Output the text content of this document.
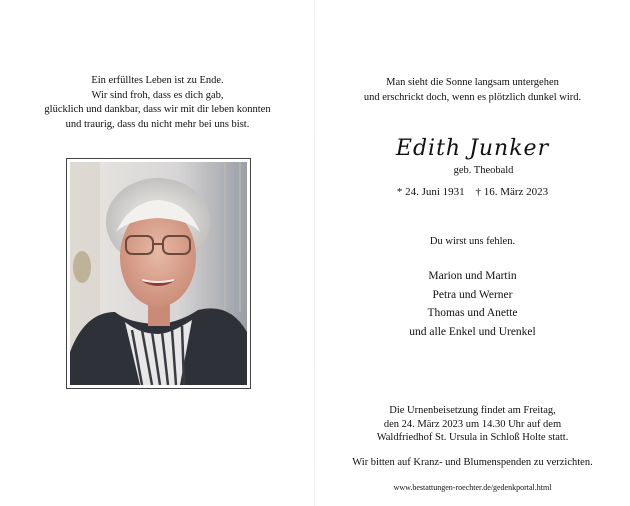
Ein erfülltes Leben ist zu Ende.
Wir sind froh, dass es dich gab,
glücklich und dankbar, dass wir mit dir leben konnten
und traurig, dass du nicht mehr bei uns bist.
Man sieht die Sonne langsam untergehen
und erschrickt doch, wenn es plötzlich dunkel wird.
Edith Junker
geb. Theobald
* 24. Juni 1931 † 16. März 2023
Du wirst uns fehlen.
Marion und Martin
Petra und Werner
Thomas und Anette
und alle Enkel und Urenkel
Die Urnenbeisetzung findet am Freitag,
den 24. März 2023 um 14.30 Uhr auf dem
Waldfriedhof St. Ursula in Schloß Holte statt.
Wir bitten auf Kranz- und Blumenspenden zu verzichten.
www.bestattungen-roechter.de/gedenkportal.html
